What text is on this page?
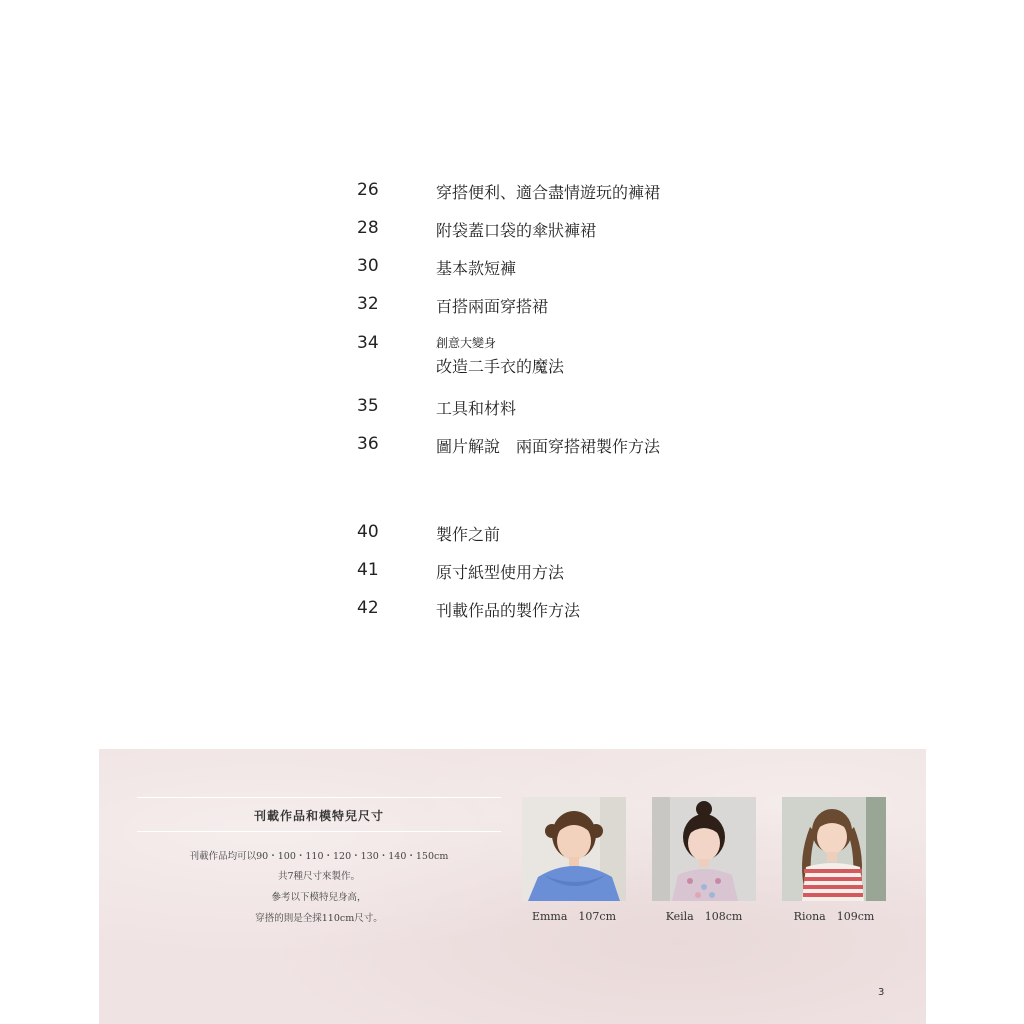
26	穿搭便利、適合盡情遊玩的褲裙
28	附袋蓋口袋的傘狀褲裙
30	基本款短褲
32	百搭兩面穿搭裙
34	創意大變身
改造二手衣的魔法
35	工具和材料
36	圖片解說　兩面穿搭裙製作方法
40	製作之前
41	原寸紙型使用方法
42	刊載作品的製作方法
刊載作品和模特兒尺寸
刊載作品均可以90・100・110・120・130・140・150cm
共7種尺寸來製作。
參考以下模特兒身高，
穿搭的則是全採110cm尺寸。	Emma　107cm	Keila　108cm	Riona　109cm
3
